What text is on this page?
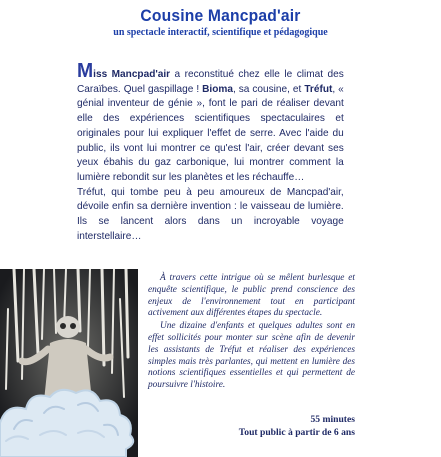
Cousine Mancpad'air
un spectacle interactif, scientifique et pédagogique

Miss Mancpad'air a reconstitué chez elle le climat des Caraïbes. Quel gaspillage ! Bioma, sa cousine, et Tréfut, « génial inventeur de génie », font le pari de réaliser devant elle des expériences scientifiques spectaculaires et originales pour lui expliquer l'effet de serre. Avec l'aide du public, ils vont lui montrer ce qu'est l'air, créer devant ses yeux ébahis du gaz carbonique, lui montrer comment la lumière rebondit sur les planètes et les réchauffe…

Tréfut, qui tombe peu à peu amoureux de Mancpad'air, dévoile enfin sa dernière invention : le vaisseau de lumière. Ils se lancent alors dans un incroyable voyage interstellaire…

À travers cette intrigue où se mêlent burlesque et enquête scientifique, le public prend conscience des enjeux de l'environnement tout en participant activement aux différentes étapes du spectacle.

Une dizaine d'enfants et quelques adultes sont en effet sollicités pour monter sur scène afin de devenir les assistants de Tréfut et réaliser des expériences simples mais très parlantes, qui mettent en lumière des notions scientifiques essentielles et qui permettent de poursuivre l'histoire.

55 minutes
Tout public à partir de 6 ans
